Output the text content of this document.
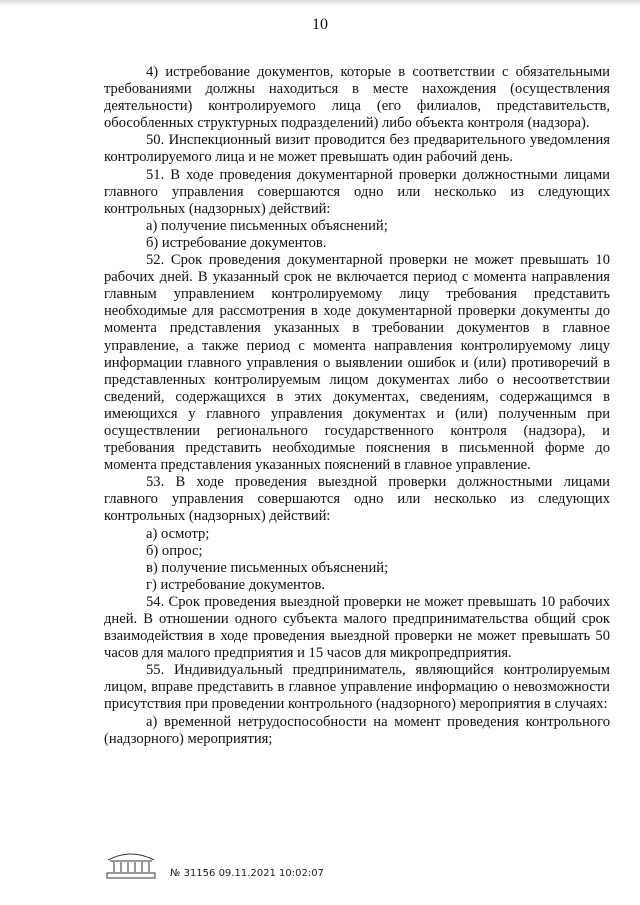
10

4) истребование документов, которые в соответствии с обязательными требованиями должны находиться в месте нахождения (осуществления деятельности) контролируемого лица (его филиалов, представительств, обособленных структурных подразделений) либо объекта контроля (надзора).

50. Инспекционный визит проводится без предварительного уведомления контролируемого лица и не может превышать один рабочий день.

51. В ходе проведения документарной проверки должностными лицами главного управления совершаются одно или несколько из следующих контрольных (надзорных) действий:

а) получение письменных объяснений;

б) истребование документов.

52. Срок проведения документарной проверки не может превышать 10 рабочих дней. В указанный срок не включается период с момента направления главным управлением контролируемому лицу требования представить необходимые для рассмотрения в ходе документарной проверки документы до момента представления указанных в требовании документов в главное управление, а также период с момента направления контролируемому лицу информации главного управления о выявлении ошибок и (или) противоречий в представленных контролируемым лицом документах либо о несоответствии сведений, содержащихся в этих документах, сведениям, содержащимся в имеющихся у главного управления документах и (или) полученным при осуществлении регионального государственного контроля (надзора), и требования представить необходимые пояснения в письменной форме до момента представления указанных пояснений в главное управление.

53. В ходе проведения выездной проверки должностными лицами главного управления совершаются одно или несколько из следующих контрольных (надзорных) действий:

а) осмотр;

б) опрос;

в) получение письменных объяснений;

г) истребование документов.

54. Срок проведения выездной проверки не может превышать 10 рабочих дней. В отношении одного субъекта малого предпринимательства общий срок взаимодействия в ходе проведения выездной проверки не может превышать 50 часов для малого предприятия и 15 часов для микропредприятия.

55. Индивидуальный предприниматель, являющийся контролируемым лицом, вправе представить в главное управление информацию о невозможности присутствия при проведении контрольного (надзорного) мероприятия в случаях:

а) временной нетрудоспособности на момент проведения контрольного (надзорного) мероприятия;

№ 31156 09.11.2021 10:02:07
